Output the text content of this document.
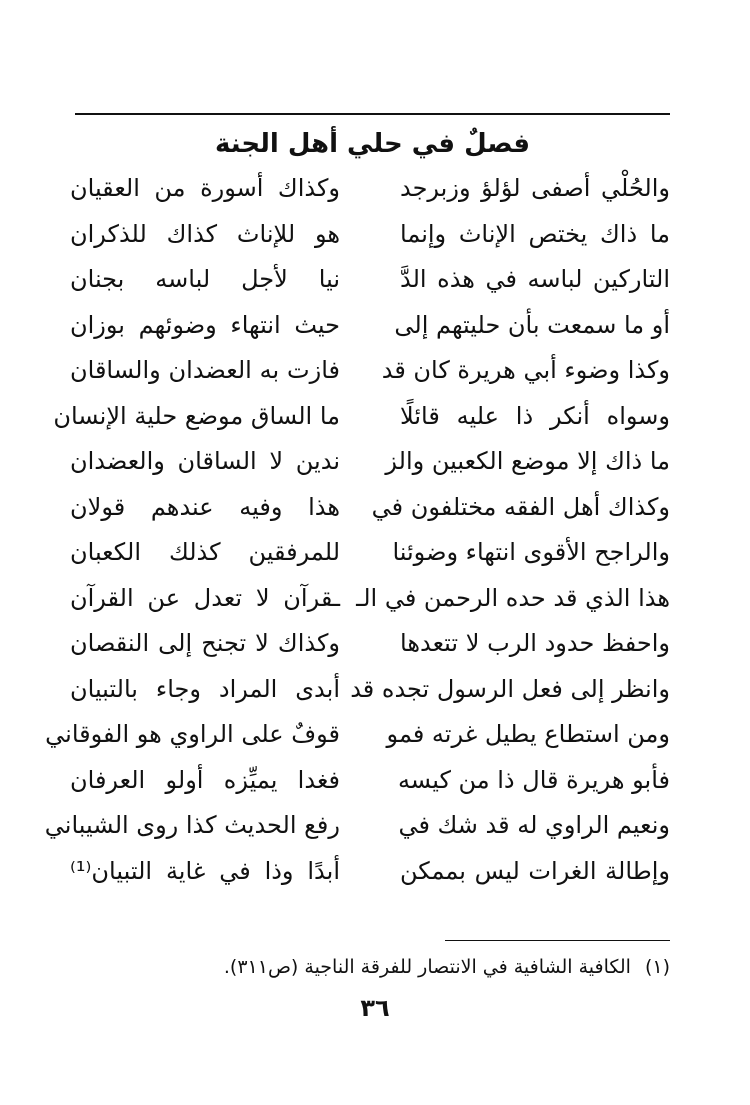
فصلٌ في حلي أهل الجنة
والحُلْي أصفى لؤلؤ وزبرجد
وكذاك أسورة من العقيان
ما ذاك يختص الإناث وإنما
هو للإناث كذاك للذكران
التاركين لباسه في هذه الدَّ
نيا لأجل لباسه بجنان
أو ما سمعت بأن حليتهم إلى
حيث انتهاء وضوئهم بوزان
وكذا وضوء أبي هريرة كان قد
فازت به العضدان والساقان
وسواه أنكر ذا عليه قائلًا
ما الساق موضع حلية الإنسان
ما ذاك إلا موضع الكعبين والز
ندين لا الساقان والعضدان
وكذاك أهل الفقه مختلفون في
هذا وفيه عندهم قولان
والراجح الأقوى انتهاء وضوئنا
للمرفقين كذلك الكعبان
هذا الذي قد حده الرحمن في الـ
ـقرآن لا تعدل عن القرآن
واحفظ حدود الرب لا تتعدها
وكذاك لا تجنح إلى النقصان
وانظر إلى فعل الرسول تجده قد
أبدى المراد وجاء بالتبيان
ومن استطاع يطيل غرته فمو
قوفٌ على الراوي هو الفوقاني
فأبو هريرة قال ذا من كيسه
فغدا يميِّزه أولو العرفان
ونعيم الراوي له قد شك في
رفع الحديث كذا روى الشيباني
وإطالة الغرات ليس بممكن
أبدًا وذا في غاية التبيان⁽¹⁾
(١)الكافية الشافية في الانتصار للفرقة الناجية (ص٣١١).
٣٦
